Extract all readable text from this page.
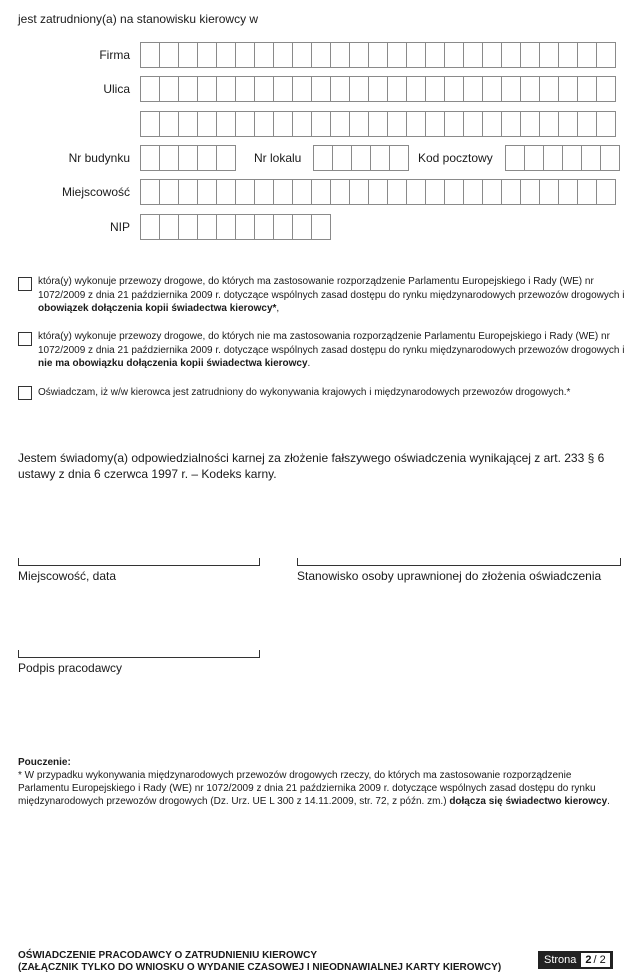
jest zatrudniony(a) na stanowisku kierowcy w
Firma
Ulica
Nr budynku	Nr lokalu	Kod pocztowy
Miejscowość
NIP
która(y) wykonuje przewozy drogowe, do których ma zastosowanie rozporządzenie Parlamentu Europejskiego i Rady (WE) nr 1072/2009 z dnia 21 października 2009 r. dotyczące wspólnych zasad dostępu do rynku międzynarodowych przewozów drogowych i obowiązek dołączenia kopii świadectwa kierowcy*,
która(y) wykonuje przewozy drogowe, do których nie ma zastosowania rozporządzenie Parlamentu Europejskiego i Rady (WE) nr 1072/2009 z dnia 21 października 2009 r. dotyczące wspólnych zasad dostępu do rynku międzynarodowych przewozów drogowych i nie ma obowiązku dołączenia kopii świadectwa kierowcy.
Oświadczam, iż w/w kierowca jest zatrudniony do wykonywania krajowych i międzynarodowych przewozów drogowych.*
Jestem świadomy(a) odpowiedzialności karnej za złożenie fałszywego oświadczenia wynikającej z art. 233 § 6 ustawy z dnia 6 czerwca 1997 r. – Kodeks karny.
Miejscowość, data	Stanowisko osoby uprawnionej do złożenia oświadczenia
Podpis pracodawcy
Pouczenie:
* W przypadku wykonywania międzynarodowych przewozów drogowych rzeczy, do których ma zastosowanie rozporządzenie Parlamentu Europejskiego i Rady (WE) nr 1072/2009 z dnia 21 października 2009 r. dotyczące wspólnych zasad dostępu do rynku międzynarodowych przewozów drogowych (Dz. Urz. UE L 300 z 14.11.2009, str. 72, z późn. zm.) dołącza się świadectwo kierowcy.
OŚWIADCZENIE PRACODAWCY O ZATRUDNIENIU KIEROWCY
(ZAŁĄCZNIK TYLKO DO WNIOSKU O WYDANIE CZASOWEJ I NIEODNAWIALNEJ KARTY KIEROWCY)
Strona 2 / 2
